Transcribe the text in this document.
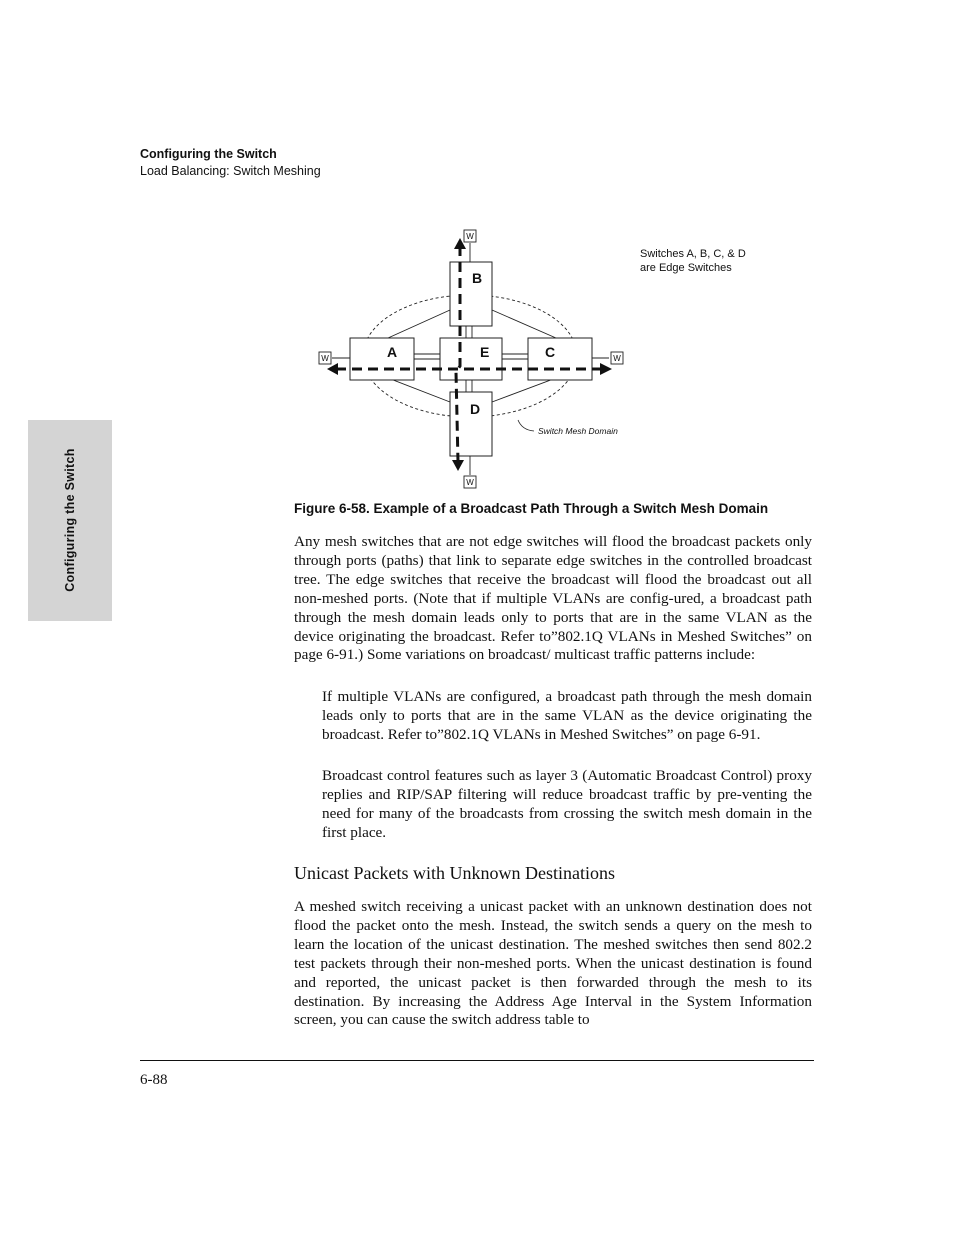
Configuring the Switch
Load Balancing: Switch Meshing
Configuring the Switch
B
A	E	C
D
W
W
W	W
Switches A, B, C, & D
are Edge Switches
Switch Mesh Domain
Figure 6-58. Example of a Broadcast Path Through a Switch Mesh Domain

Any mesh switches that are not edge switches will flood the broadcast packets only through ports (paths) that link to separate edge switches in the controlled broadcast tree. The edge switches that receive the broadcast will flood the broadcast out all non-meshed ports. (Note that if multiple VLANs are config-ured, a broadcast path through the mesh domain leads only to ports that are in the same VLAN as the device originating the broadcast. Refer to”802.1Q VLANs in Meshed Switches” on page 6-91.) Some variations on broadcast/ multicast traffic patterns include:

If multiple VLANs are configured, a broadcast path through the mesh domain leads only to ports that are in the same VLAN as the device originating the broadcast. Refer to”802.1Q VLANs in Meshed Switches” on page 6-91.

Broadcast control features such as layer 3 (Automatic Broadcast Control) proxy replies and RIP/SAP filtering will reduce broadcast traffic by pre-venting the need for many of the broadcasts from crossing the switch mesh domain in the first place.

Unicast Packets with Unknown Destinations

A meshed switch receiving a unicast packet with an unknown destination does not flood the packet onto the mesh. Instead, the switch sends a query on the mesh to learn the location of the unicast destination. The meshed switches then send 802.2 test packets through their non-meshed ports. When the unicast destination is found and reported, the unicast packet is then forwarded through the mesh to its destination. By increasing the Address Age Interval in the System Information screen, you can cause the switch address table to

6-88
